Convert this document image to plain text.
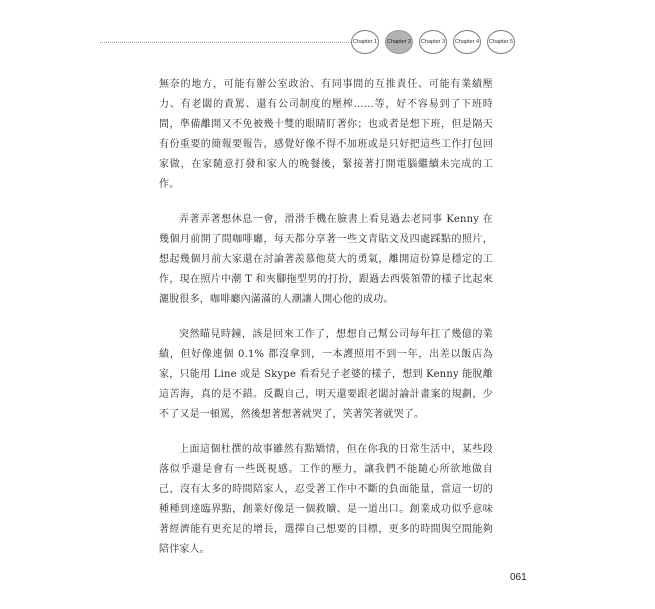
Chapter 1	Chapter 2	Chapter 3	Chapter 4	Chapter 5

無奈的地方，可能有辦公室政治、有同事間的互推責任、可能有業績壓力、有老闆的責罵、還有公司制度的壓榨……等，好不容易到了下班時間，準備離開又不免被幾十雙的眼睛盯著你；也或者是想下班，但是隔天有份重要的簡報要報告，感覺好像不得不加班或是只好把這些工作打包回家做，在家隨意打發和家人的晚餐後，緊接著打開電腦繼續未完成的工作。

弄著弄著想休息一會，滑滑手機在臉書上看見過去老同事 Kenny 在幾個月前開了間咖啡廳，每天都分享著一些文青貼文及四處踩點的照片，想起幾個月前大家還在討論著羨慕他莫大的勇氣，離開這份算是穩定的工作，現在照片中潮 T 和夾腳拖型男的打扮，跟過去西裝領帶的樣子比起來灑脫很多，咖啡廳內滿滿的人潮讓人開心他的成功。

突然瞄見時鐘，該是回來工作了，想想自己幫公司每年扛了幾億的業績，但好像連個 0.1% 都沒拿到，一本護照用不到一年，出差以飯店為家，只能用 Line 或是 Skype 看看兒子老婆的樣子，想到 Kenny 能脫離這苦海，真的是不錯。反觀自己，明天還要跟老闆討論計畫案的規劃，少不了又是一頓罵，然後想著想著就哭了，笑著笑著就哭了。

上面這個杜撰的故事雖然有點矯情，但在你我的日常生活中，某些段落似乎還是會有一些既視感。工作的壓力，讓我們不能隨心所欲地做自己，沒有太多的時間陪家人，忍受著工作中不斷的負面能量，當這一切的種種到達臨界點，創業好像是一個救贖、是一道出口。創業成功似乎意味著經濟能有更充足的增長，選擇自己想要的目標，更多的時間與空間能夠陪伴家人。

061
